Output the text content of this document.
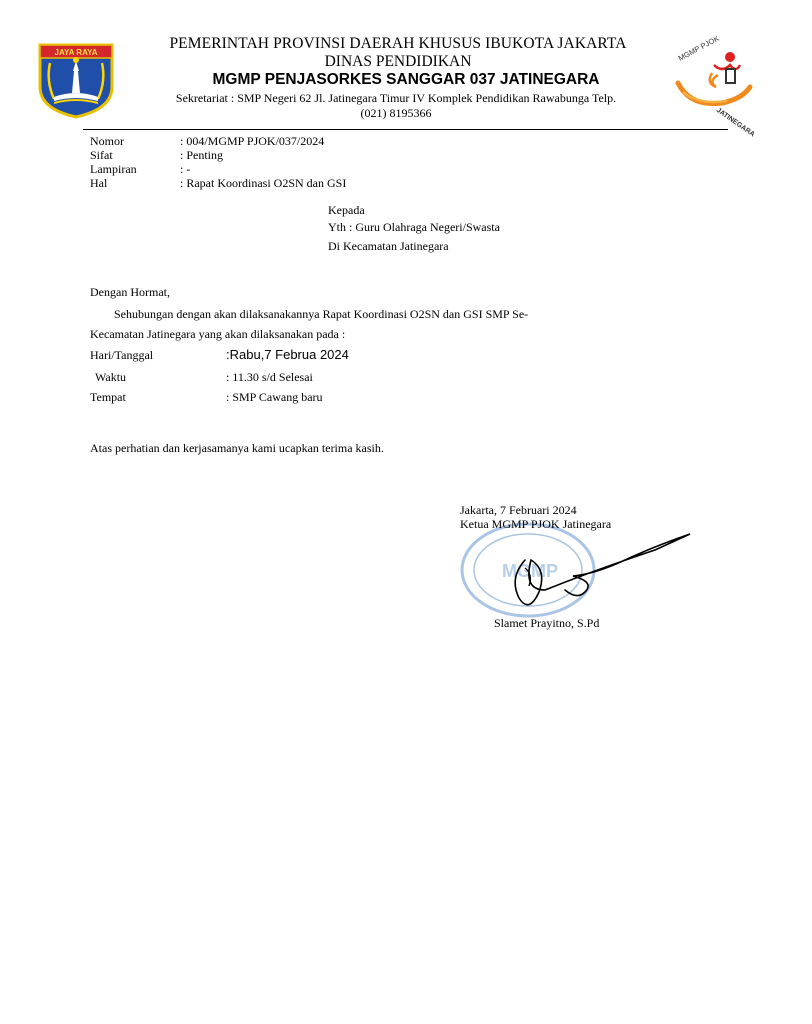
JAYA RAYA
PEMERINTAH PROVINSI DAERAH KHUSUS IBUKOTA JAKARTA
DINAS PENDIDIKAN
MGMP PENJASORKES SANGGAR 037 JATINEGARA
Sekretariat : SMP Negeri 62 Jl. Jatinegara Timur IV Komplek Pendidikan Rawabunga Telp.
(021) 8195366
MGMP PJOK
JATINEGARA
Nomor	: 004/MGMP PJOK/037/2024
Sifat	: Penting
Lampiran	: -
Hal	: Rapat Koordinasi O2SN dan GSI
Kepada
Yth : Guru Olahraga Negeri/Swasta
Di Kecamatan Jatinegara
Dengan Hormat,
Sehubungan dengan akan dilaksanakannya Rapat Koordinasi O2SN dan GSI SMP Se-
Kecamatan Jatinegara yang akan dilaksanakan pada :
Hari/Tanggal	:Rabu,7 Februa 2024
Waktu	: 11.30 s/d Selesai
Tempat	: SMP Cawang baru
Atas perhatian dan kerjasamanya kami ucapkan terima kasih.
MGMP
Jakarta, 7 Februari 2024
Ketua MGMP PJOK Jatinegara
Slamet Prayitno, S.Pd
